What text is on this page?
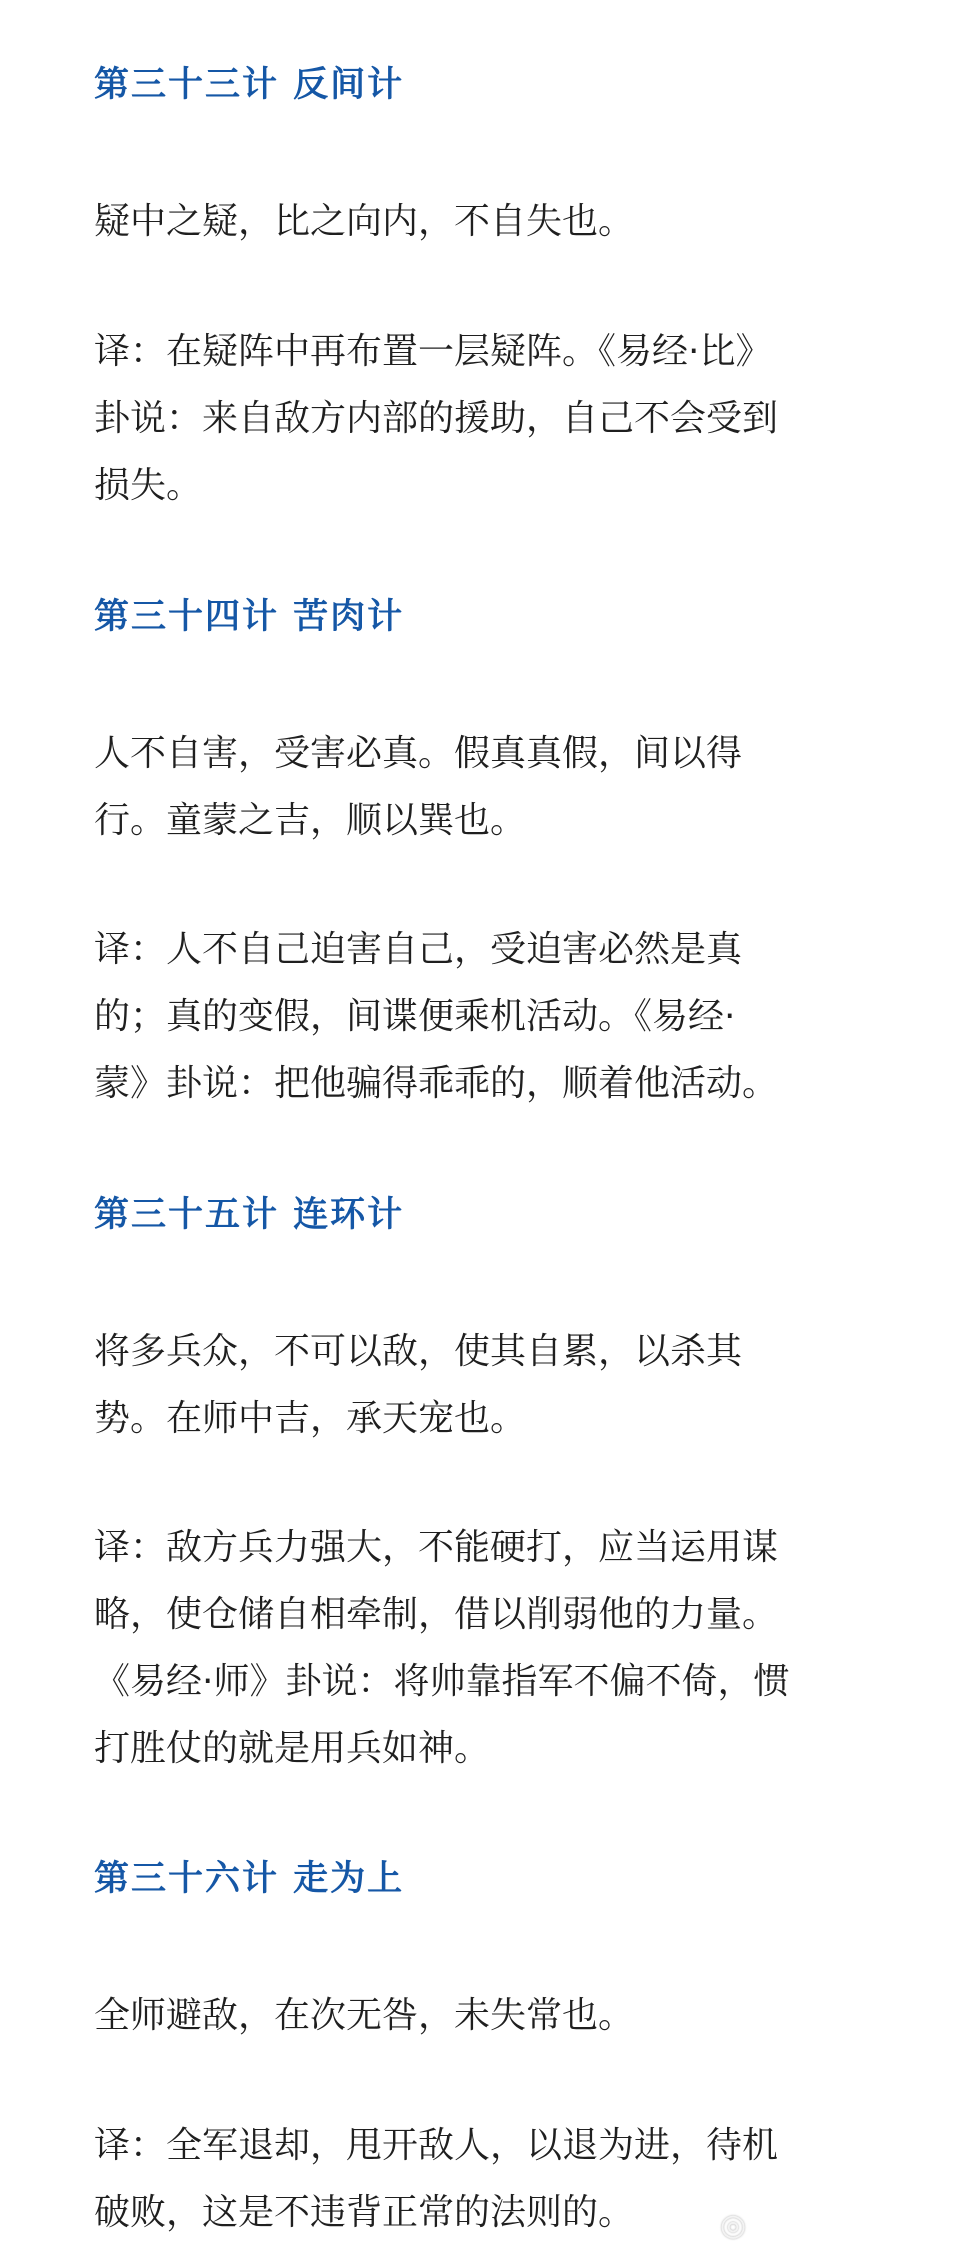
第三十三计 反间计

疑中之疑，比之向内，不自失也。

译：在疑阵中再布置一层疑阵。《易经·比》
卦说：来自敌方内部的援助，自己不会受到
损失。

第三十四计 苦肉计

人不自害，受害必真。假真真假，间以得
行。童蒙之吉，顺以巽也。

译：人不自己迫害自己，受迫害必然是真
的；真的变假，间谍便乘机活动。《易经·
蒙》卦说：把他骗得乖乖的，顺着他活动。

第三十五计 连环计

将多兵众，不可以敌，使其自累，以杀其
势。在师中吉，承天宠也。

译：敌方兵力强大，不能硬打，应当运用谋
略，使仓储自相牵制，借以削弱他的力量。
《易经·师》卦说：将帅靠指军不偏不倚，惯
打胜仗的就是用兵如神。

第三十六计 走为上

全师避敌，在次无咎，未失常也。

译：全军退却，甩开敌人，以退为进，待机
破败，这是不违背正常的法则的。	◎
